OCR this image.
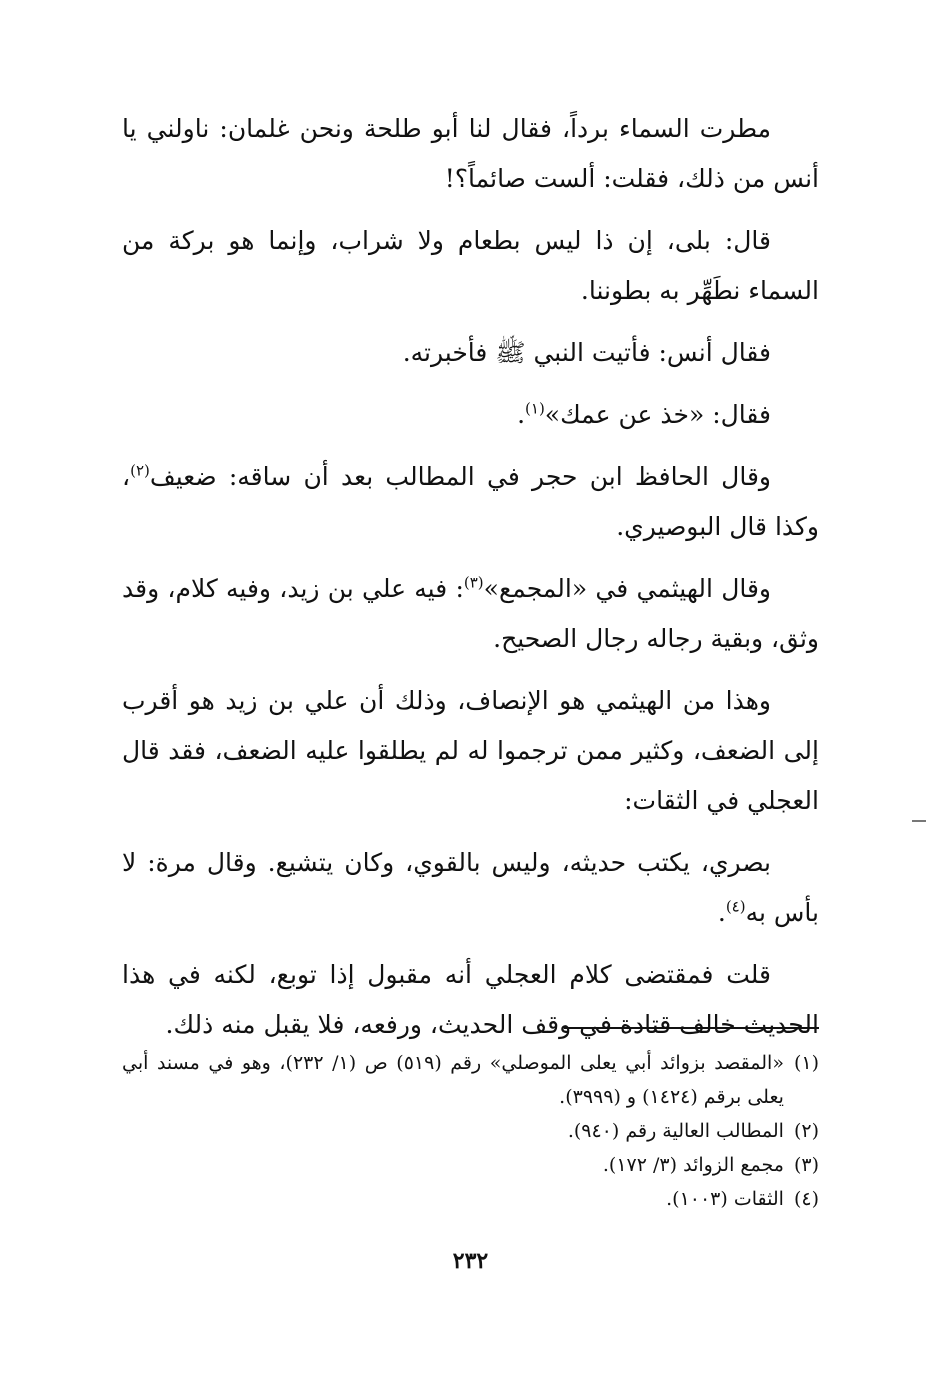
مطرت السماء برداً، فقال لنا أبو طلحة ونحن غلمان: ناولني يا أنس من ذلك، فقلت: ألست صائماً؟!

قال: بلى، إن ذا ليس بطعام ولا شراب، وإنما هو بركة من السماء نطَهِّر به بطوننا.

فقال أنس: فأتيت النبي ﷺ فأخبرته.

فقال: «خذ عن عمك»$^{(١)}$.

وقال الحافظ ابن حجر في المطالب بعد أن ساقه: ضعيف$^{(٢)}$، وكذا قال البوصيري.

وقال الهيثمي في «المجمع»$^{(٣)}$: فيه علي بن زيد، وفيه كلام، وقد وثق، وبقية رجاله رجال الصحيح.

وهذا من الهيثمي هو الإنصاف، وذلك أن علي بن زيد هو أقرب إلى الضعف، وكثير ممن ترجموا له لم يطلقوا عليه الضعف، فقد قال العجلي في الثقات:

بصري، يكتب حديثه، وليس بالقوي، وكان يتشيع. وقال مرة: لا بأس به$^{(٤)}$.

قلت فمقتضى كلام العجلي أنه مقبول إذا توبع، لكنه في هذا الحديث خالف قتادة في وقف الحديث، ورفعه، فلا يقبل منه ذلك.

(١)
«المقصد بزوائد أبي يعلى الموصلي» رقم (٥١٩) ص (١/ ٢٣٢)، وهو في مسند أبي يعلى برقم (١٤٢٤) و (٣٩٩٩).
(٢)
المطالب العالية رقم (٩٤٠).
(٣)
مجمع الزوائد (٣/ ١٧٢).
(٤)
الثقات (١٠٠٣).
٢٣٢
